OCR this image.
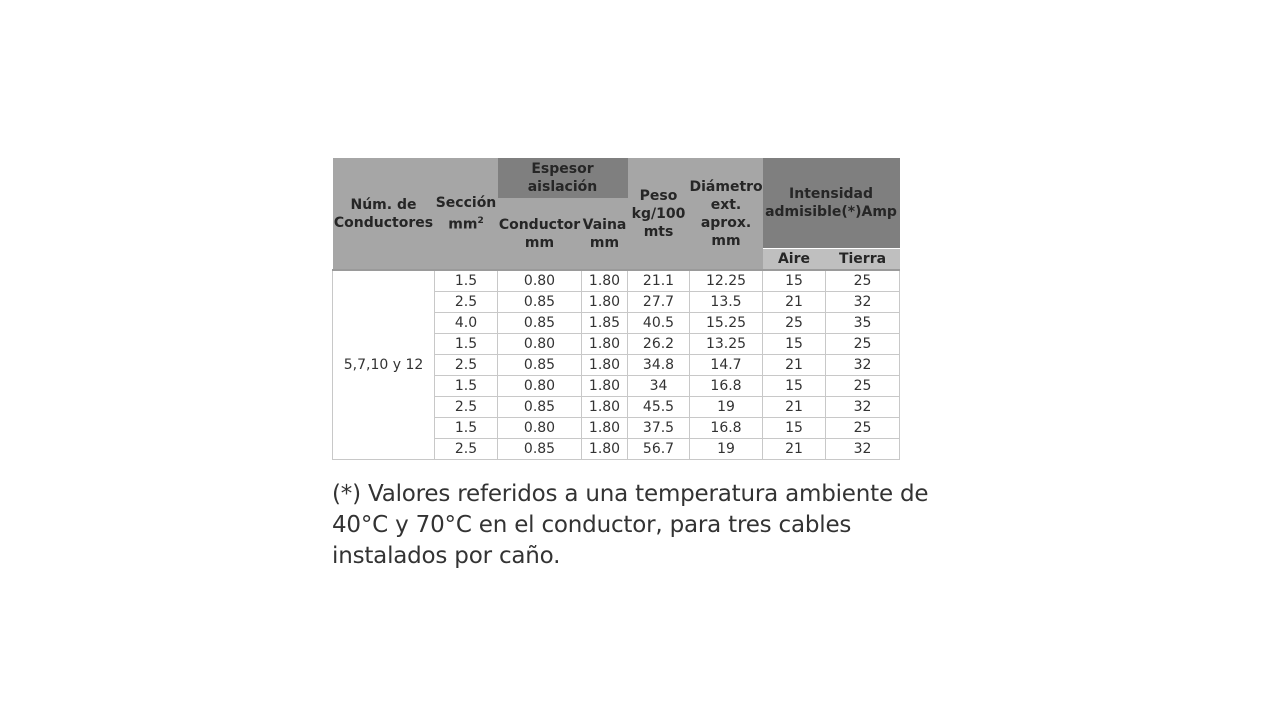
Núm. de Conductores	Sección
$mm^2$	Espesor aislación		Peso kg/100 mts	Diámetro ext. aprox. mm	Intensidad admisible(*)Amp	
		Conductor mm	Vaina mm				
						Aire	Tierra
5,7,10 y 12	1.5	0.80	1.80	21.1	12.25	15	25
	2.5	0.85	1.80	27.7	13.5	21	32
	4.0	0.85	1.85	40.5	15.25	25	35
	1.5	0.80	1.80	26.2	13.25	15	25
	2.5	0.85	1.80	34.8	14.7	21	32
	1.5	0.80	1.80	34	16.8	15	25
	2.5	0.85	1.80	45.5	19	21	32
	1.5	0.80	1.80	37.5	16.8	15	25
	2.5	0.85	1.80	56.7	19	21	32

(*) Valores referidos a una temperatura ambiente de 40°C y 70°C en el conductor, para tres cables instalados por caño.
